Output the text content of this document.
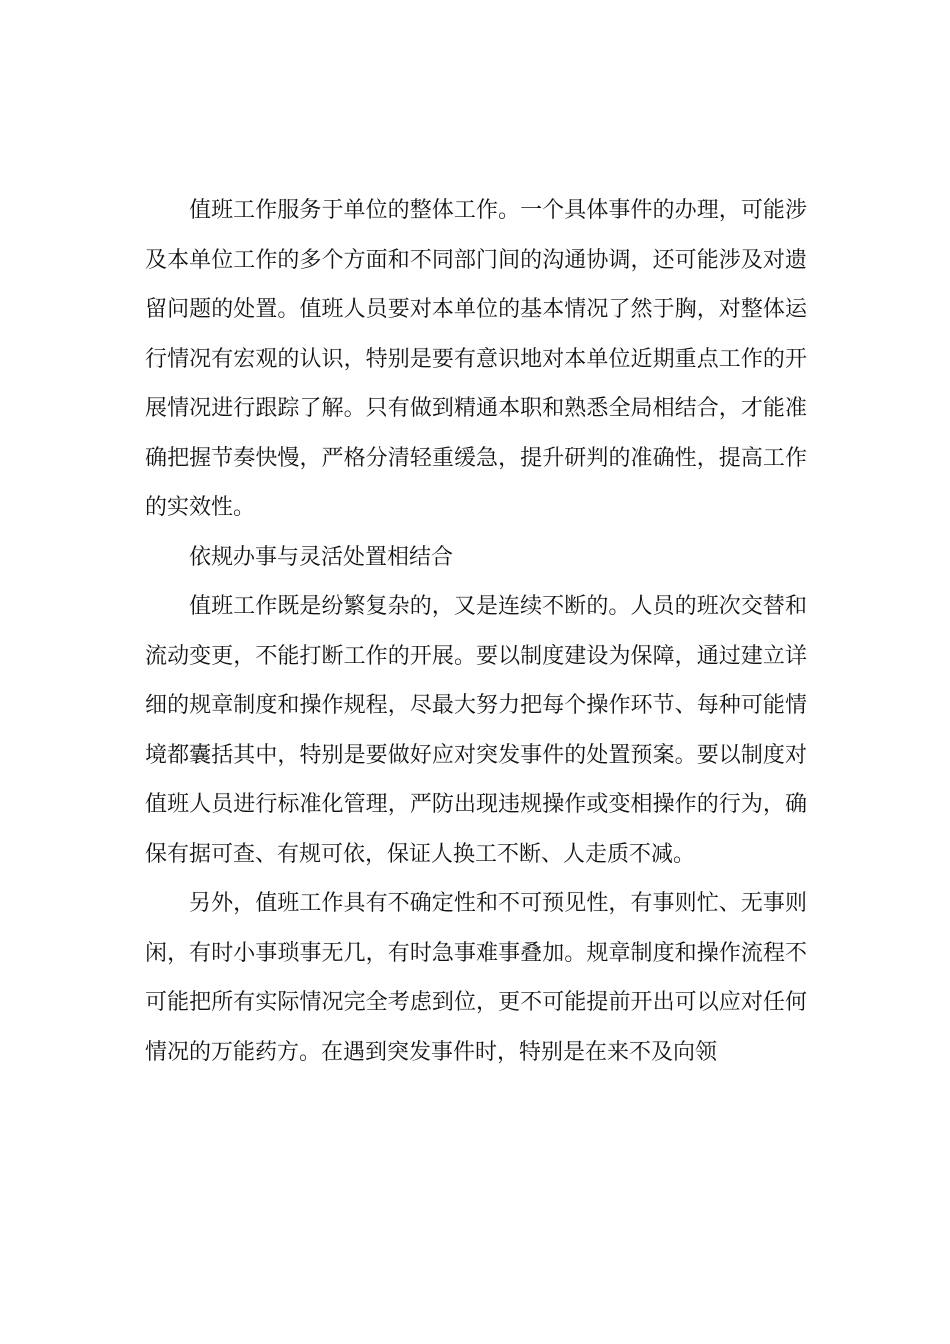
值班工作服务于单位的整体工作。一个具体事件的办理，可能涉及本单位工作的多个方面和不同部门间的沟通协调，还可能涉及对遗留问题的处置。值班人员要对本单位的基本情况了然于胸，对整体运行情况有宏观的认识，特别是要有意识地对本单位近期重点工作的开展情况进行跟踪了解。只有做到精通本职和熟悉全局相结合，才能准确把握节奏快慢，严格分清轻重缓急，提升研判的准确性，提高工作的实效性。

依规办事与灵活处置相结合

值班工作既是纷繁复杂的，又是连续不断的。人员的班次交替和流动变更，不能打断工作的开展。要以制度建设为保障，通过建立详细的规章制度和操作规程，尽最大努力把每个操作环节、每种可能情境都囊括其中，特别是要做好应对突发事件的处置预案。要以制度对值班人员进行标准化管理，严防出现违规操作或变相操作的行为，确保有据可查、有规可依，保证人换工不断、人走质不减。

另外，值班工作具有不确定性和不可预见性，有事则忙、无事则闲，有时小事琐事无几，有时急事难事叠加。规章制度和操作流程不可能把所有实际情况完全考虑到位，更不可能提前开出可以应对任何情况的万能药方。在遇到突发事件时，特别是在来不及向领
